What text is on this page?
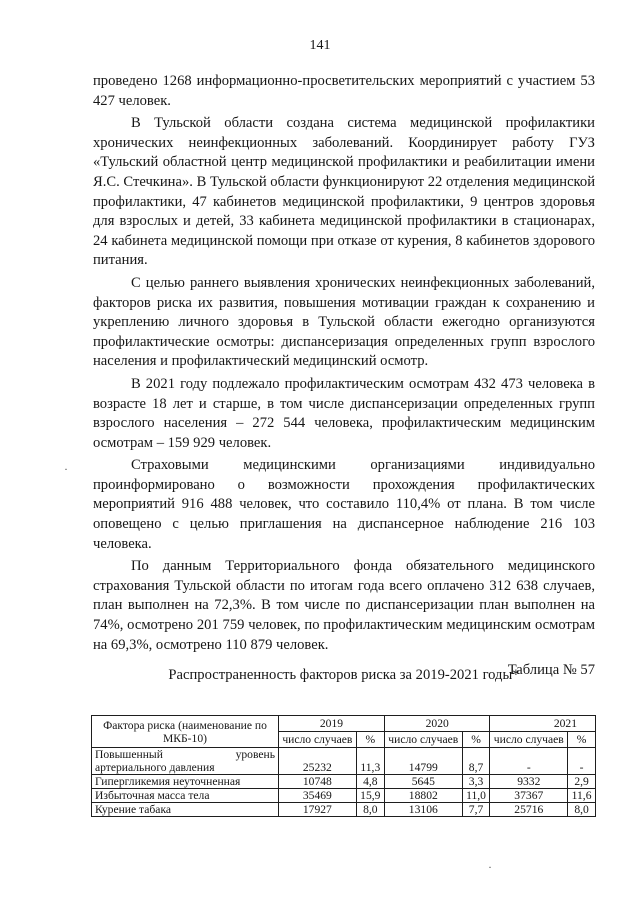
141

проведено 1268 информационно-просветительских мероприятий с участием 53 427 человек.

В Тульской области создана система медицинской профилактики хронических неинфекционных заболеваний. Координирует работу ГУЗ «Тульский областной центр медицинской профилактики и реабилитации имени Я.С. Стечкина». В Тульской области функционируют 22 отделения медицинской профилактики, 47 кабинетов медицинской профилактики, 9 центров здоровья для взрослых и детей, 33 кабинета медицинской профилактики в стационарах, 24 кабинета медицинской помощи при отказе от курения, 8 кабинетов здорового питания.

С целью раннего выявления хронических неинфекционных заболеваний, факторов риска их развития, повышения мотивации граждан к сохранению и укреплению личного здоровья в Тульской области ежегодно организуются профилактические осмотры: диспансеризация определенных групп взрослого населения и профилактический медицинский осмотр.

В 2021 году подлежало профилактическим осмотрам 432 473 человека в возрасте 18 лет и старше, в том числе диспансеризации определенных групп взрослого населения – 272 544 человека, профилактическим медицинским осмотрам – 159 929 человек.

Страховыми медицинскими организациями индивидуально проинформировано о возможности прохождения профилактических мероприятий 916 488 человек, что составило 110,4% от плана. В том числе оповещено с целью приглашения на диспансерное наблюдение 216 103 человека.

По данным Территориального фонда обязательного медицинского страхования Тульской области по итогам года всего оплачено 312 638 случаев, план выполнен на 72,3%. В том числе по диспансеризации план выполнен на 74%, осмотрено 201 759 человек, по профилактическим медицинским осмотрам на 69,3%, осмотрено 110 879 человек.

Таблица № 57
Распространенность факторов риска за 2019-2021 годы*
Фактора риска (наименование по МКБ-10)	2019		2020		2021	
	число случаев	%	число случаев	%	число случаев	%

Повышенный уровень
артериального давления	25232	11,3	14799	8,7	-	-
Гипергликемия неуточненная	10748	4,8	5645	3,3	9332	2,9
Избыточная масса тела	35469	15,9	18802	11,0	37367	11,6
Курение табака	17927	8,0	13106	7,7	25716	8,0
·
·
